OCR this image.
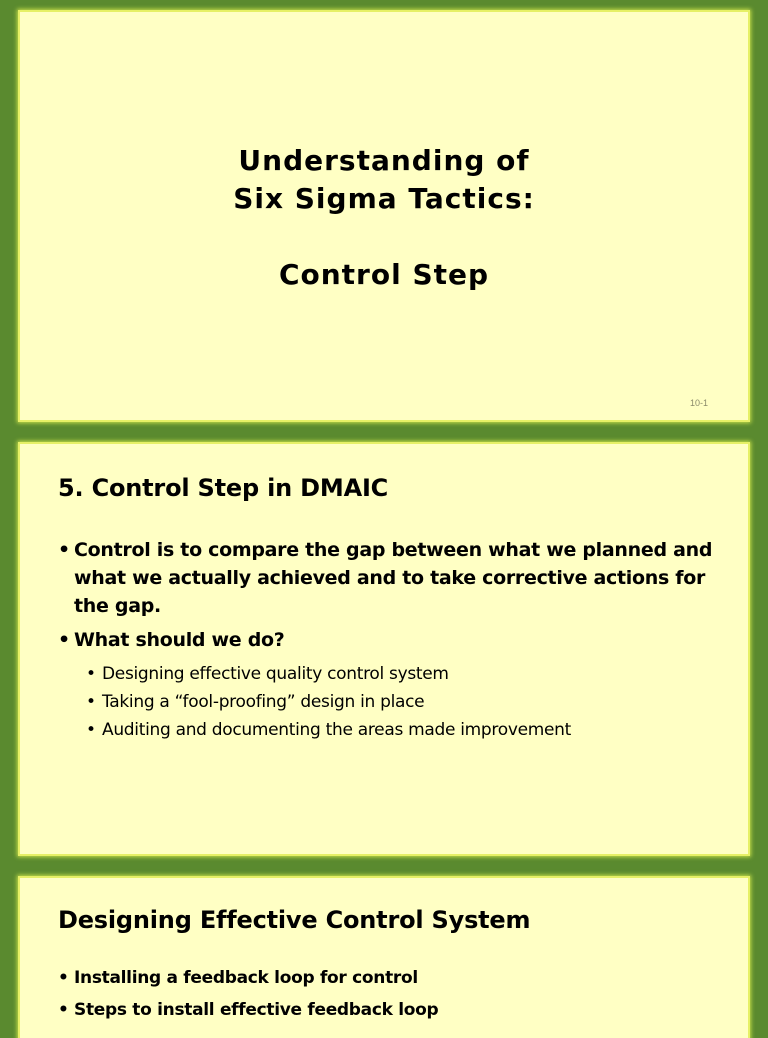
Understanding of
Six Sigma Tactics:
Control Step
10-1
5. Control Step in DMAIC
• Control is to compare the gap between what we planned and what we actually achieved and to take corrective actions for the gap.
• What should we do?
• Designing effective quality control system
• Taking a “fool-proofing” design in place
• Auditing and documenting the areas made improvement
Designing Effective Control System
• Installing a feedback loop for control
• Steps to install effective feedback loop
